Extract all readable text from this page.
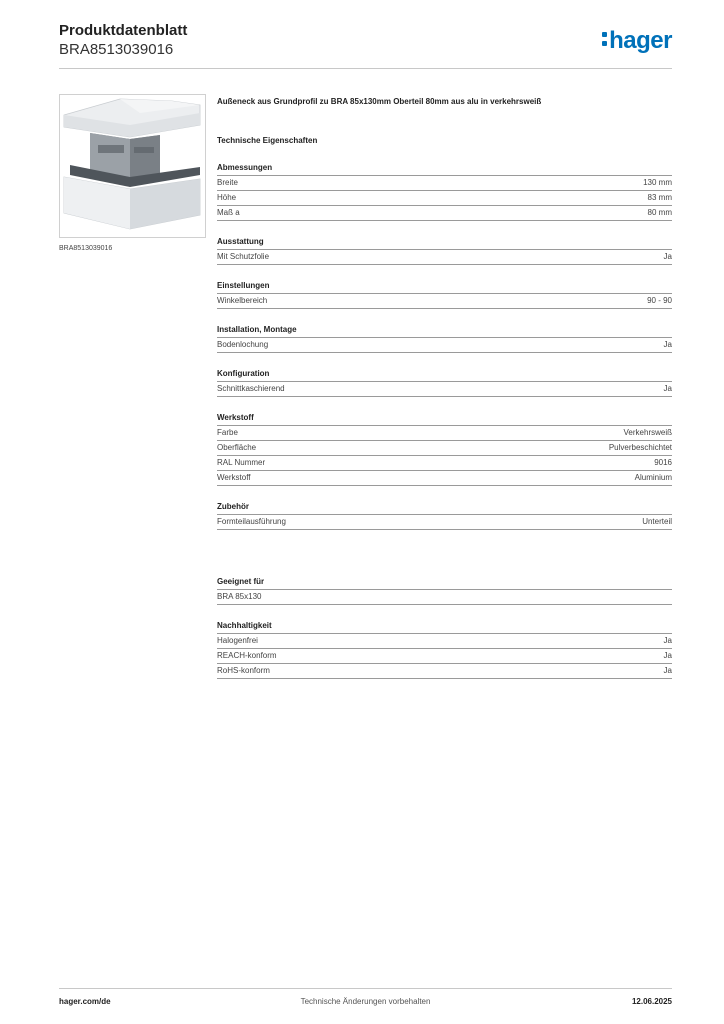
Produktdatenblatt
BRA8513039016	hager
BRA8513039016
Außeneck aus Grundprofil zu BRA 85x130mm Oberteil 80mm aus alu in verkehrsweiß
Technische Eigenschaften
Abmessungen
Breite	130 mm
Höhe	83 mm
Maß a	80 mm
Ausstattung
Mit Schutzfolie	Ja
Einstellungen
Winkelbereich	90 - 90
Installation, Montage
Bodenlochung	Ja
Konfiguration
Schnittkaschierend	Ja
Werkstoff
Farbe	Verkehrsweiß
Oberfläche	Pulverbeschichtet
RAL Nummer	9016
Werkstoff	Aluminium
Zubehör
Formteilausführung	Unterteil
Geeignet für
BRA 85x130
Nachhaltigkeit
Halogenfrei	Ja
REACH-konform	Ja
RoHS-konform	Ja
hager.com/de	Technische Änderungen vorbehalten	12.06.2025
